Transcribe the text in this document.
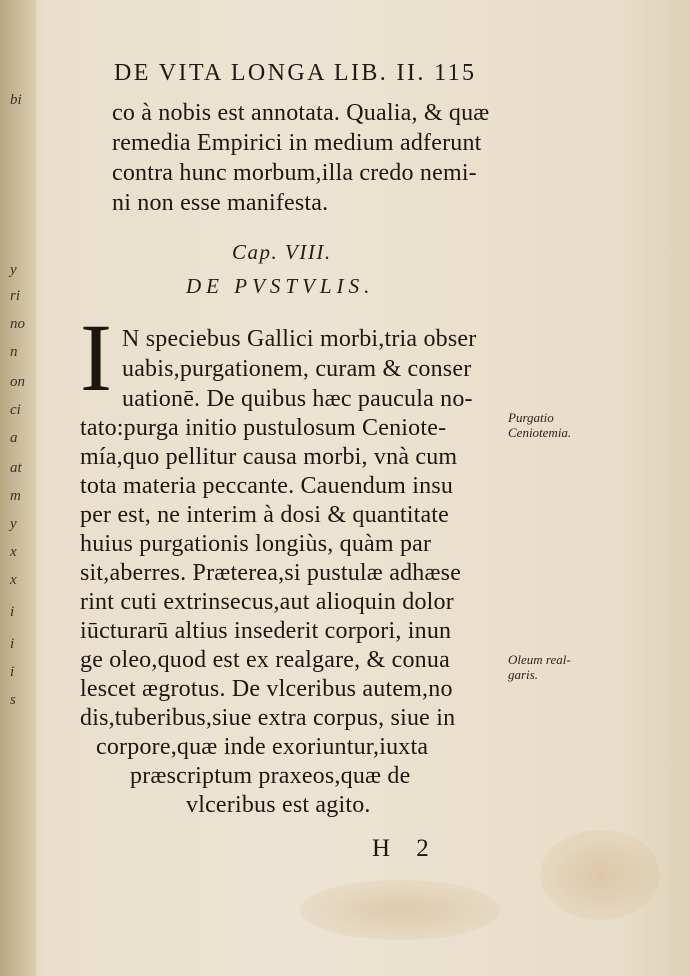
bi
y
ri
no
n
on
ci
a
at
m
y
x
x
i
i
i
s
DE VITA LONGA LIB. II. 115
co à nobis est annotata. Qualia, & quæ
remedia Empirici in medium adferunt
contra hunc morbum,illa credo nemi-
ni non esse manifesta.
Cap. VIII.
DE PVSTVLIS.
I N speciebus Gallici morbi,tria obser
uabis,purgationem, curam & conser
uationē. De quibus hæc paucula no-
tato:purga initio pustulosum Ceniote-
mía,quo pellitur causa morbi, vnà cum
tota materia peccante. Cauendum insu
per est, ne interim à dosi & quantitate
huius purgationis longiùs, quàm par
sit,aberres. Præterea,si pustulæ adhæse
rint cuti extrinsecus,aut alioquin dolor
iūcturarū altius insederit corpori, inun
ge oleo,quod est ex realgare, & conua
lescet ægrotus. De vlceribus autem,no
dis,tuberibus,siue extra corpus, siue in
corpore,quæ inde exoriuntur,iuxta
præscriptum praxeos,quæ de
vlceribus est agito.
Purgatio
Ceniotemia.
Oleum real-
garis.
H 2
